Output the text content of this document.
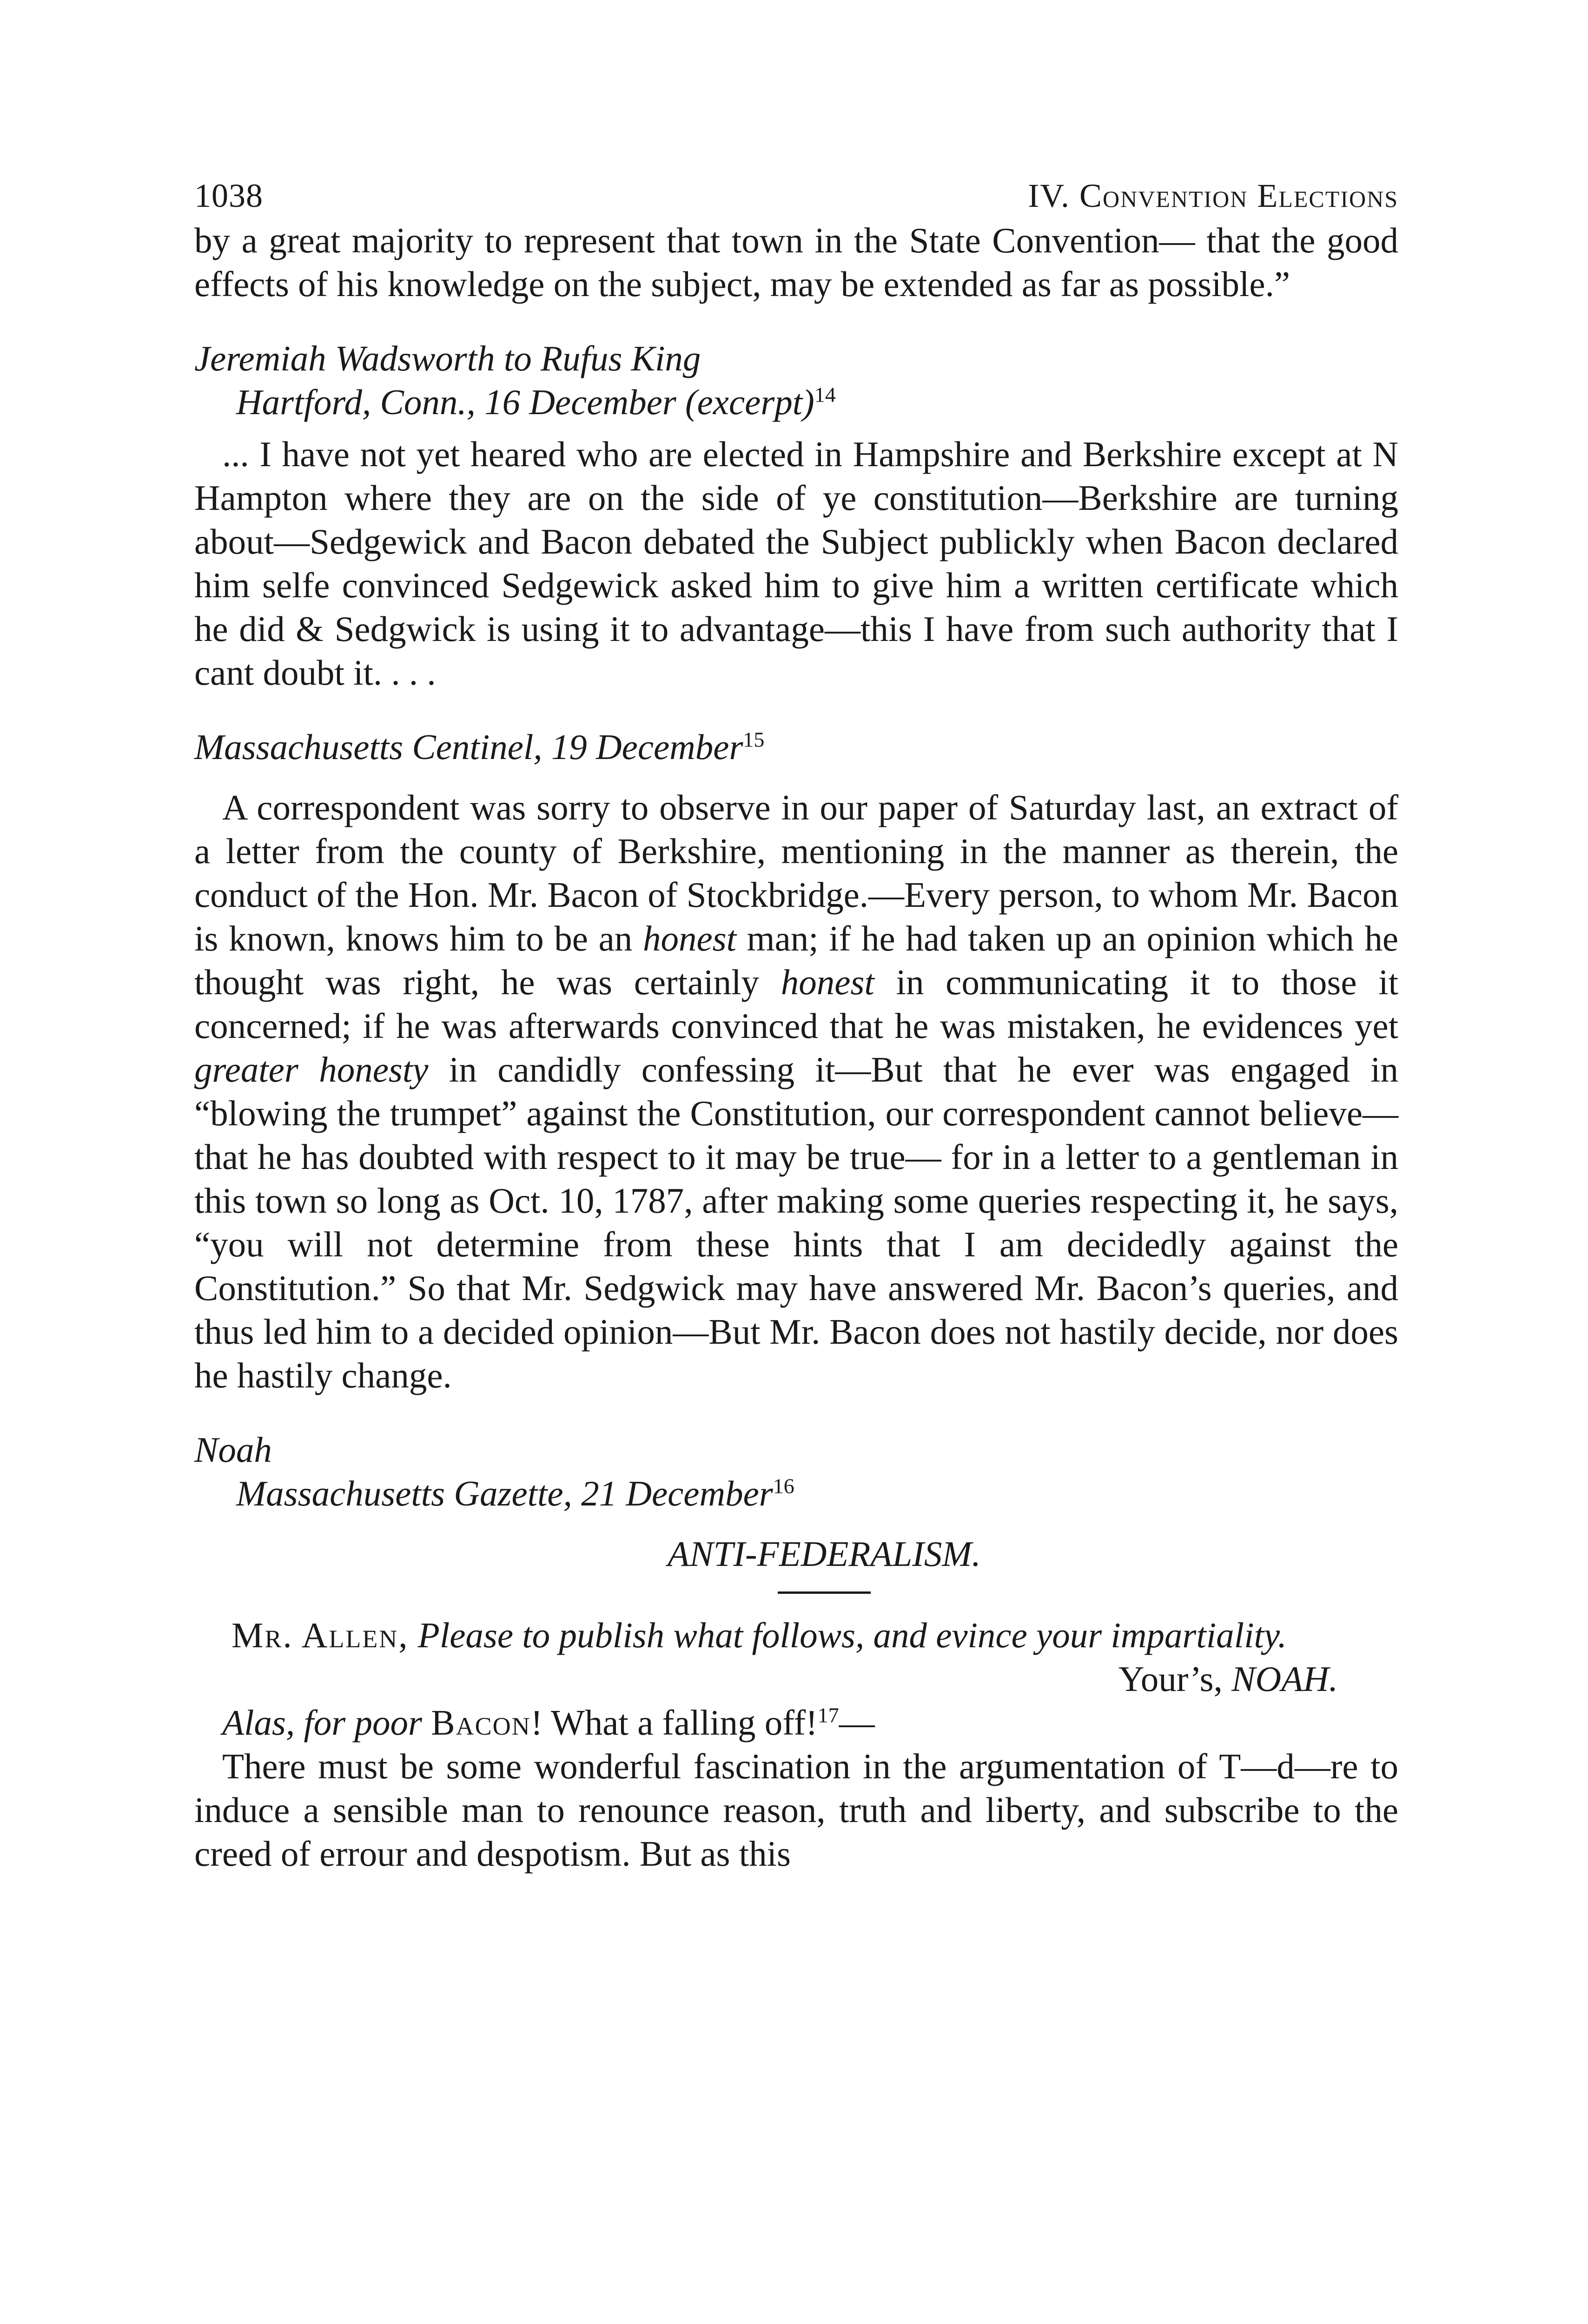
1038	IV. Convention Elections

by a great majority to represent that town in the State Convention— that the good effects of his knowledge on the subject, may be extended as far as possible.”

Jeremiah Wadsworth to Rufus King

Hartford, Conn., 16 December (excerpt)$^{14}$

... I have not yet heared who are elected in Hampshire and Berkshire except at N Hampton where they are on the side of ye constitution—Berkshire are turning about—Sedgewick and Bacon debated the Subject publickly when Bacon declared him selfe convinced Sedgewick asked him to give him a written certificate which he did & Sedgwick is using it to advantage—this I have from such authority that I cant doubt it. . . .

Massachusetts Centinel, 19 December$^{15}$

A correspondent was sorry to observe in our paper of Saturday last, an extract of a letter from the county of Berkshire, mentioning in the manner as therein, the conduct of the Hon. Mr. Bacon of Stockbridge.—Every person, to whom Mr. Bacon is known, knows him to be an honest man; if he had taken up an opinion which he thought was right, he was certainly honest in communicating it to those it concerned; if he was afterwards convinced that he was mistaken, he evidences yet greater honesty in candidly confessing it—But that he ever was engaged in “blowing the trumpet” against the Constitution, our correspondent cannot believe—that he has doubted with respect to it may be true— for in a letter to a gentleman in this town so long as Oct. 10, 1787, after making some queries respecting it, he says, “you will not determine from these hints that I am decidedly against the Constitution.” So that Mr. Sedgwick may have answered Mr. Bacon’s queries, and thus led him to a decided opinion—But Mr. Bacon does not hastily decide, nor does he hastily change.

Noah

Massachusetts Gazette, 21 December$^{16}$

ANTI-FEDERALISM.
Mr. Allen, Please to publish what follows, and evince your impartiality.
Your’s, NOAH.

Alas, for poor Bacon! What a falling off!$^{17}$—

There must be some wonderful fascination in the argumentation of T—d—re to induce a sensible man to renounce reason, truth and liberty, and subscribe to the creed of errour and despotism. But as this
